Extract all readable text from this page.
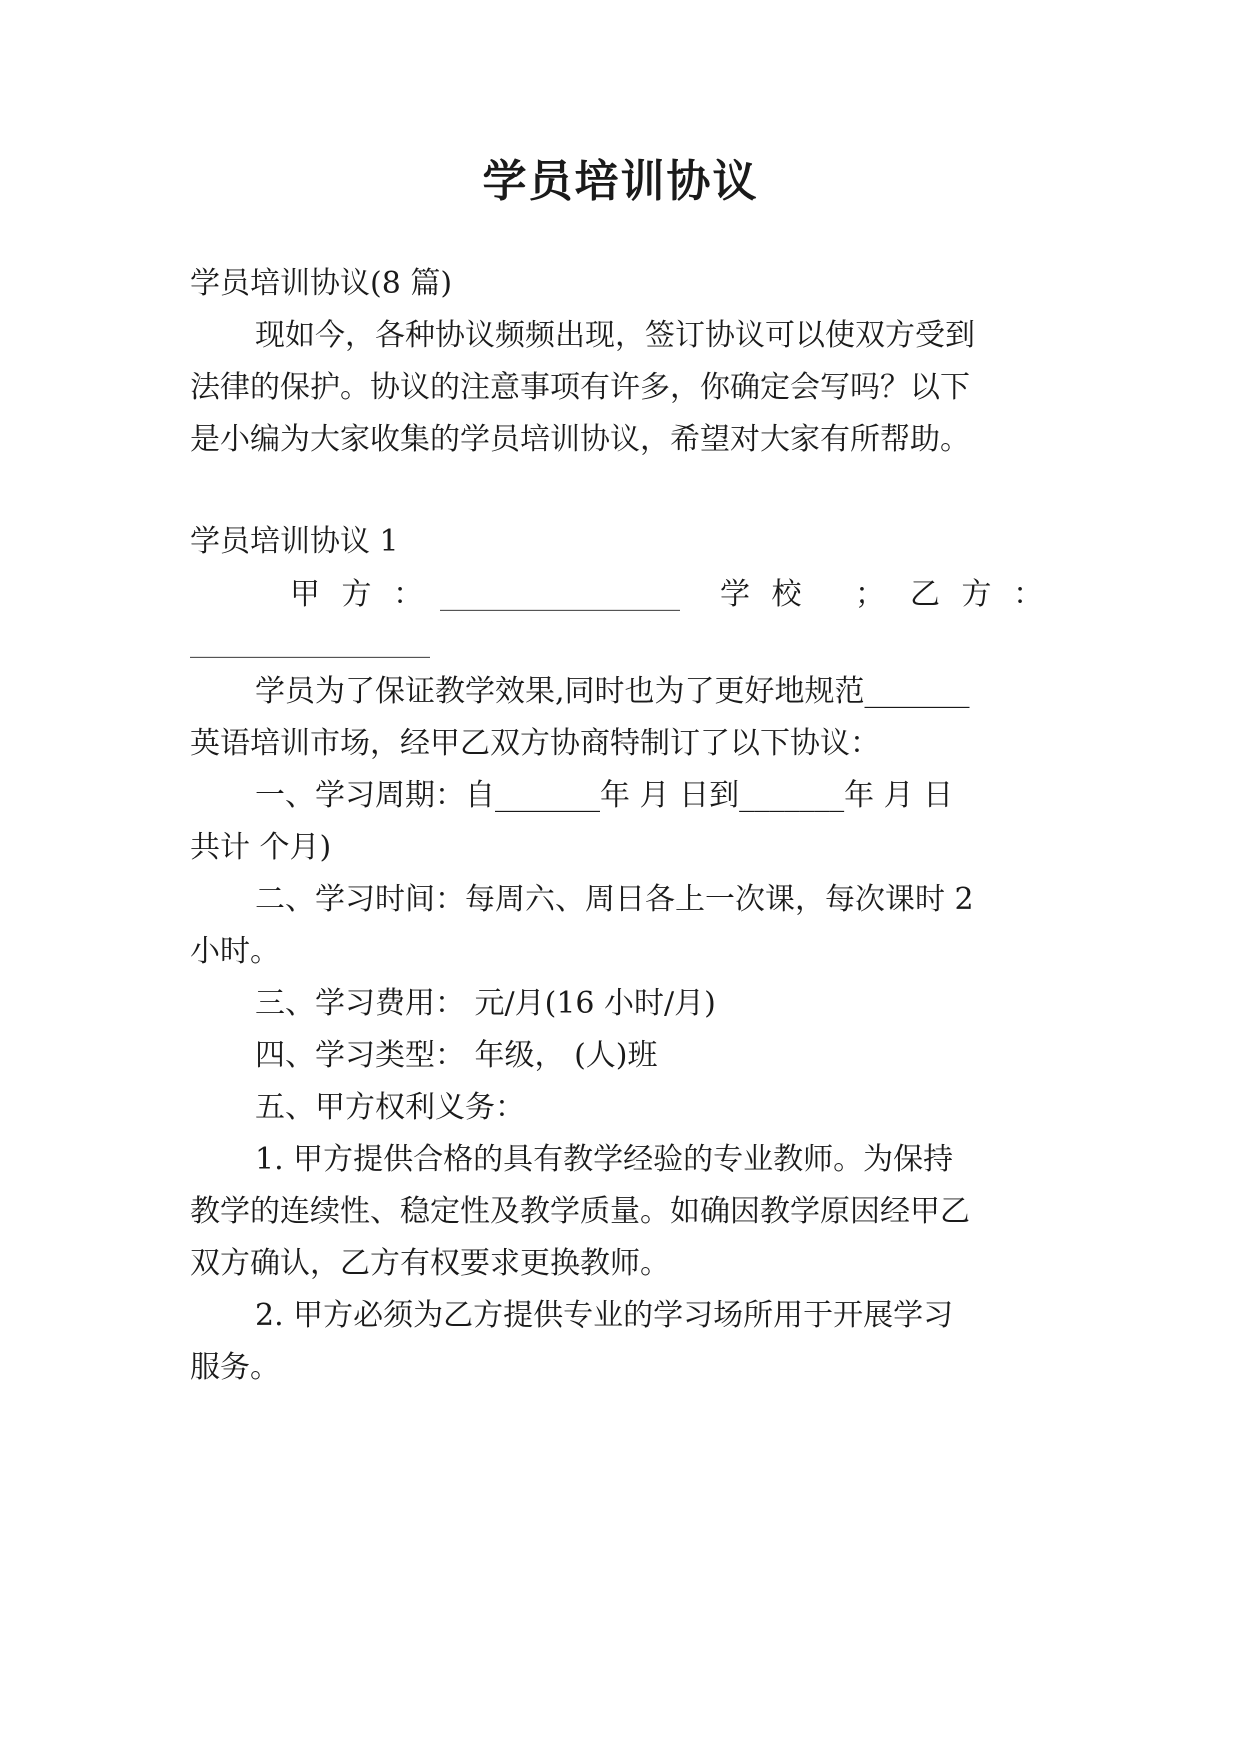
学员培训协议
学员培训协议(8 篇)
现如今，各种协议频频出现，签订协议可以使双方受到
法律的保护。协议的注意事项有许多，你确定会写吗？以下
是小编为大家收集的学员培训协议，希望对大家有所帮助。
学员培训协议 1
甲 方 ： ________________ 学 校 ； 乙 方 ：
________________
学员为了保证教学效果,同时也为了更好地规范_______
英语培训市场，经甲乙双方协商特制订了以下协议：
一、学习周期：自_______年 月 日到_______年 月 日
共计 个月)
二、学习时间：每周六、周日各上一次课，每次课时 2
小时。
三、学习费用： 元/月(16 小时/月)
四、学习类型： 年级， (人)班
五、甲方权利义务：
1. 甲方提供合格的具有教学经验的专业教师。为保持
教学的连续性、稳定性及教学质量。如确因教学原因经甲乙
双方确认，乙方有权要求更换教师。
2. 甲方必须为乙方提供专业的学习场所用于开展学习
服务。
